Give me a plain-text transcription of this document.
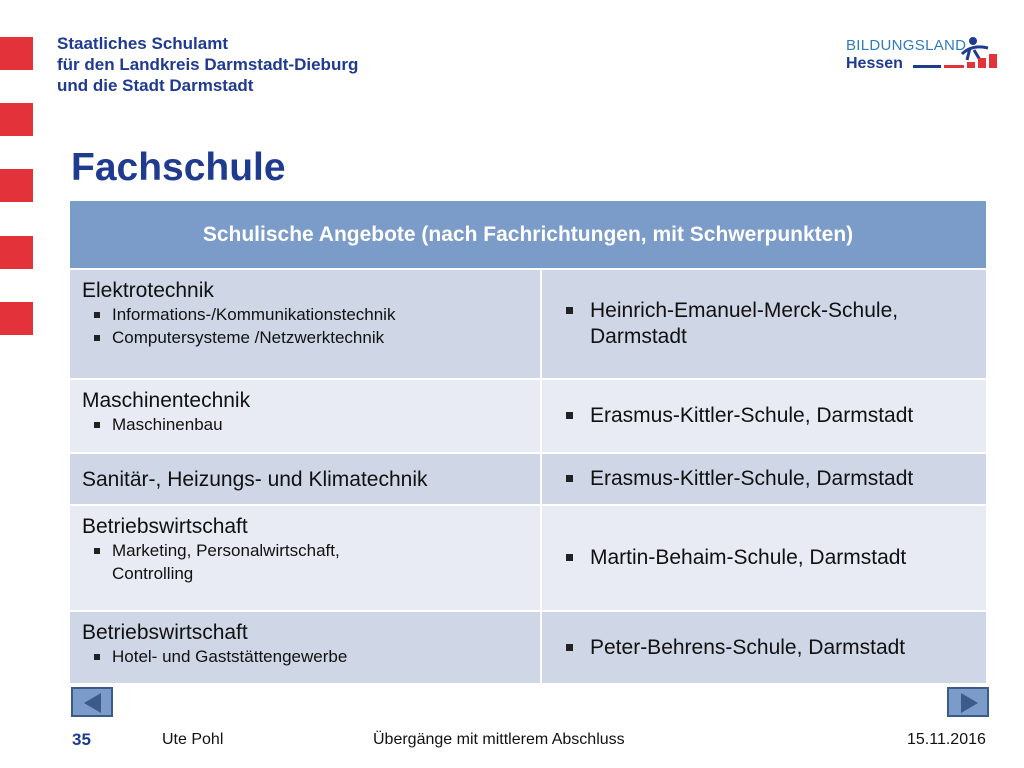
Staatliches Schulamt
für den Landkreis Darmstadt-Dieburg
und die Stadt Darmstadt
BILDUNGSLAND
Hessen
Fachschule
Schulische Angebote (nach Fachrichtungen, mit Schwerpunkten)	

Elektrotechnik
Informations-/Kommunikationstechnik
Computersysteme /Netzwerktechnik	Heinrich-Emanuel-Merck-Schule, Darmstadt

Maschinentechnik
Maschinenbau	Erasmus-Kittler-Schule, Darmstadt

Sanitär-, Heizungs- und Klimatechnik	Erasmus-Kittler-Schule, Darmstadt

Betriebswirtschaft
Marketing, Personalwirtschaft, Controlling	Martin-Behaim-Schule, Darmstadt

Betriebswirtschaft
Hotel- und Gaststättengewerbe	Peter-Behrens-Schule, Darmstadt
35	Ute Pohl	Übergänge mit mittlerem Abschluss	15.11.2016
